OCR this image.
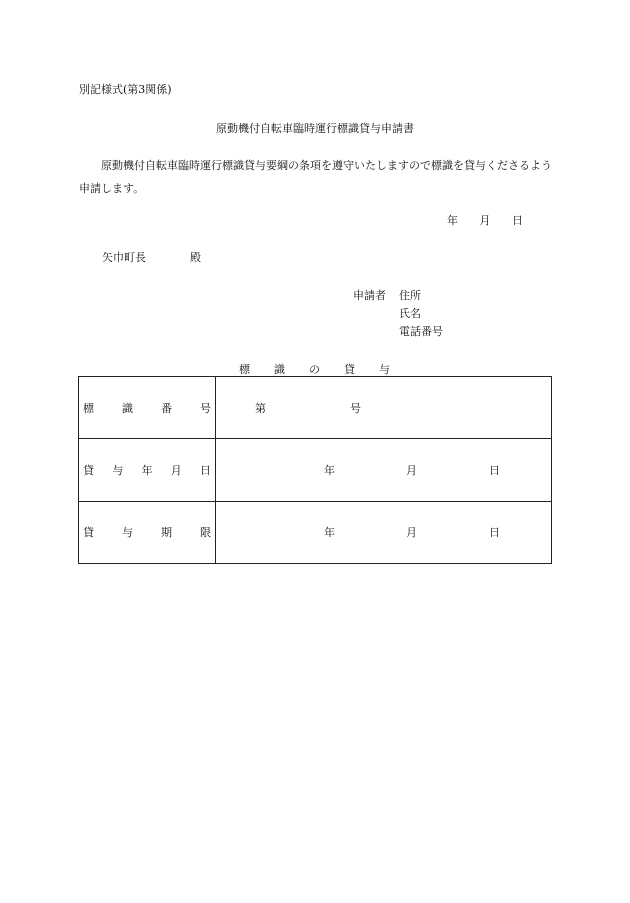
別記様式(第3関係)
原動機付自転車臨時運行標識貸与申請書
原動機付自転車臨時運行標識貸与要綱の条項を遵守いたしますので標識を貸与くださるよう申請します。
年 月 日
矢巾町長	殿
申請者 住所
氏名
電話番号
標 識 の 貸 与
標 識 番 号	第 号

貸 与 年 月 日	年 月 日

貸 与 期 限	年 月 日
